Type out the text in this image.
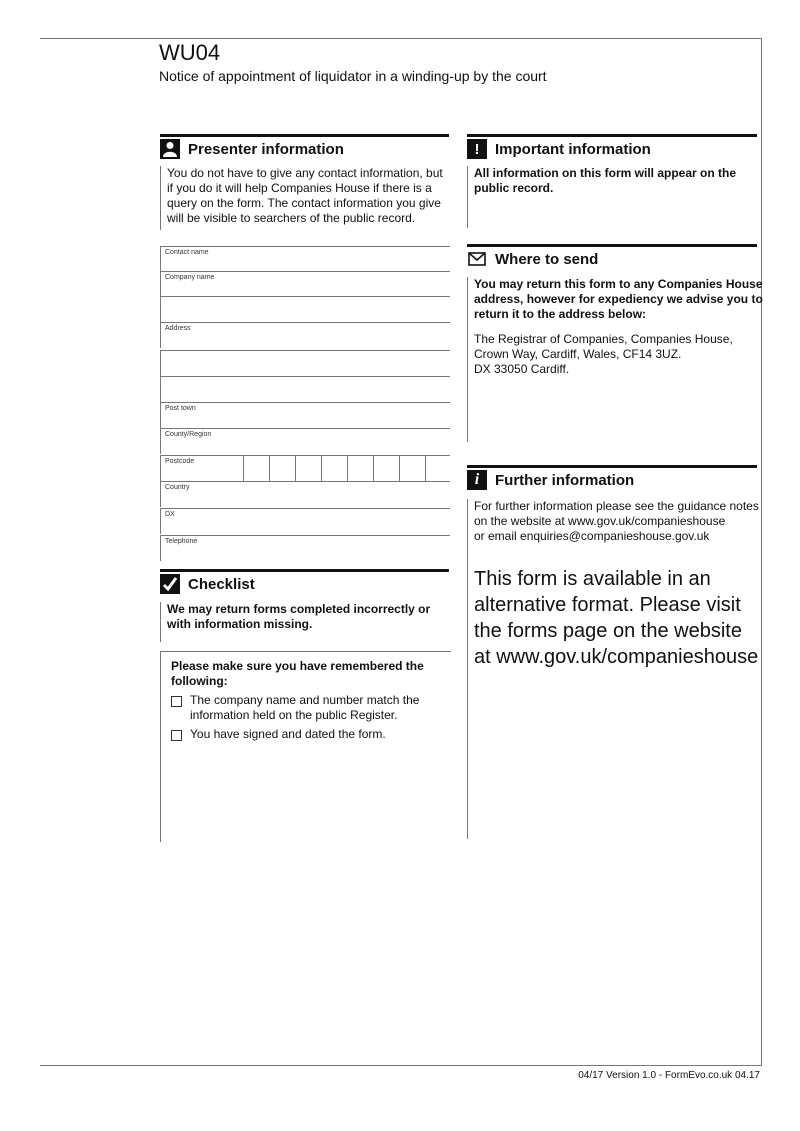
WU04
Notice of appointment of liquidator in a winding-up by the court
Presenter information
You do not have to give any contact information, but if you do it will help Companies House if there is a query on the form. The contact information you give will be visible to searchers of the public record.
Contact name
Company name
Address
Post town
County/Region
Postcode
Country
DX
Telephone
Checklist
We may return forms completed incorrectly or with information missing.
Please make sure you have remembered the following:
The company name and number match the information held on the public Register.
You have signed and dated the form.
!	Important information
All information on this form will appear on the public record.
Where to send
You may return this form to any Companies House address, however for expediency we advise you to return it to the address below:
The Registrar of Companies, Companies House,
Crown Way, Cardiff, Wales, CF14 3UZ.
DX 33050 Cardiff.
i	Further information
For further information please see the guidance notes
on the website at www.gov.uk/companieshouse
or email enquiries@companieshouse.gov.uk
This form is available in an alternative format. Please visit the forms page on the website at www.gov.uk/companieshouse
04/17 Version 1.0 - FormEvo.co.uk 04.17
